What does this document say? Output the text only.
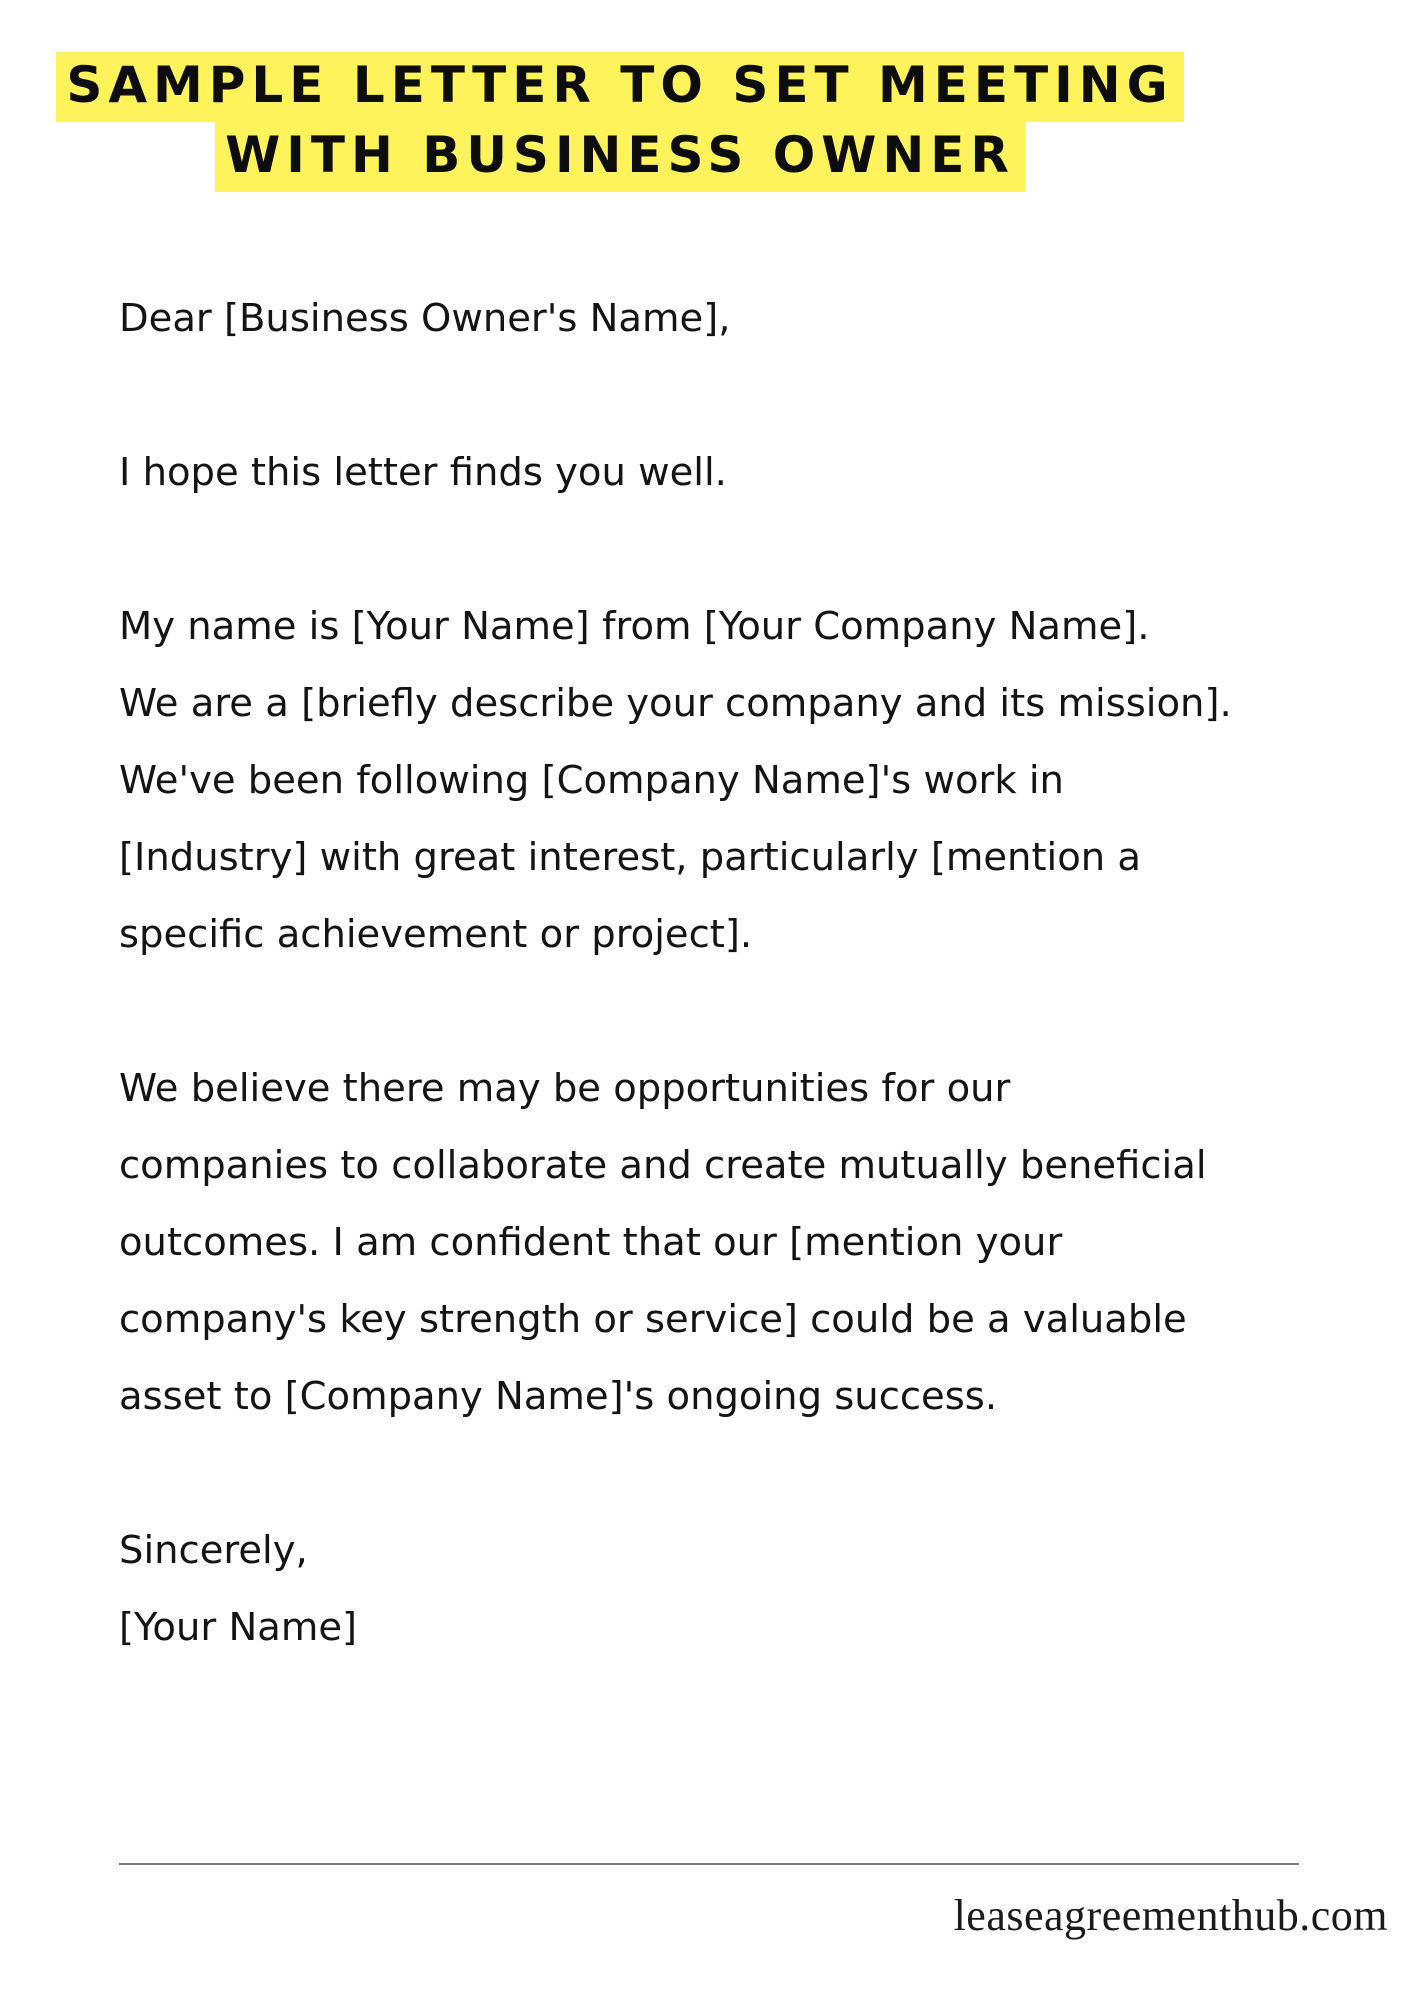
SAMPLE LETTER TO SET MEETING
WITH BUSINESS OWNER

Dear [Business Owner's Name],

I hope this letter finds you well.

My name is [Your Name] from [Your Company Name].
We are a [briefly describe your company and its mission].
We've been following [Company Name]'s work in
[Industry] with great interest, particularly [mention a
specific achievement or project].

We believe there may be opportunities for our
companies to collaborate and create mutually beneficial
outcomes. I am confident that our [mention your
company's key strength or service] could be a valuable
asset to [Company Name]'s ongoing success.

Sincerely,
[Your Name]

leaseagreementhub.com
